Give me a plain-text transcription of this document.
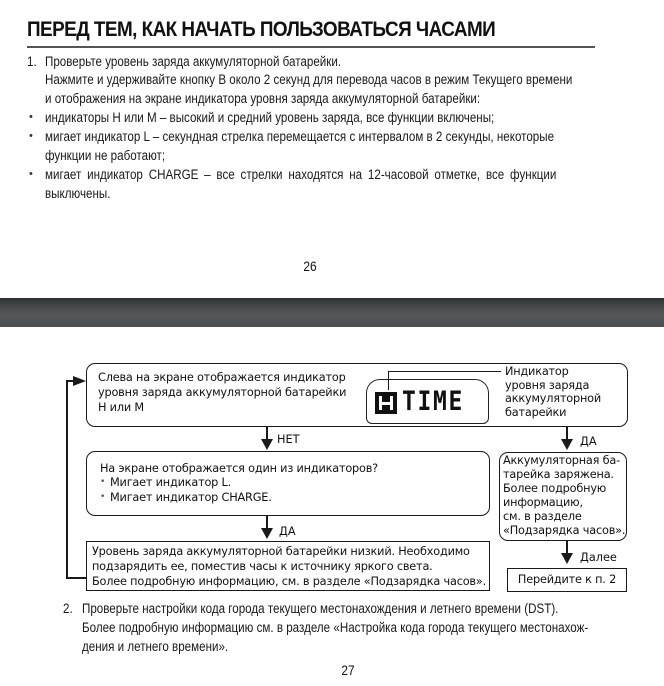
ПЕРЕД ТЕМ, КАК НАЧАТЬ ПОЛЬЗОВАТЬСЯ ЧАСАМИ
1. Проверьте уровень заряда аккумуляторной батарейки.
Нажмите и удерживайте кнопку B около 2 секунд для перевода часов в режим Текущего времени
и отображения на экране индикатора уровня заряда аккумуляторной батарейки:
• индикаторы H или M – высокий и средний уровень заряда, все функции включены;
• мигает индикатор L – секундная стрелка перемещается с интервалом в 2 секунды, некоторые
функции не работают;
• мигает индикатор CHARGE – все стрелки находятся на 12-часовой отметке, все функции
выключены.
26
Слева на экране отображается индикатор
уровня заряда аккумуляторной батарейки
H или M	TIME
Индикатор
уровня заряда
аккумуляторной
батарейки
НЕТ	ДА
На экране отображается один из индикаторов?
• Мигает индикатор L.
• Мигает индикатор CHARGE.
ДА
Уровень заряда аккумуляторной батарейки низкий. Необходимо
подзарядить ее, поместив часы к источнику яркого света.
Более подробную информацию, см. в разделе «Подзарядка часов».
Аккумуляторная ба-
тарейка заряжена.
Более подробную
информацию,
см. в разделе
«Подзарядка часов».
Далее
Перейдите к п. 2
2. Проверьте настройки кода города текущего местонахождения и летнего времени (DST).
Более подробную информацию см. в разделе «Настройка кода города текущего местонахож-
дения и летнего времени».
27
